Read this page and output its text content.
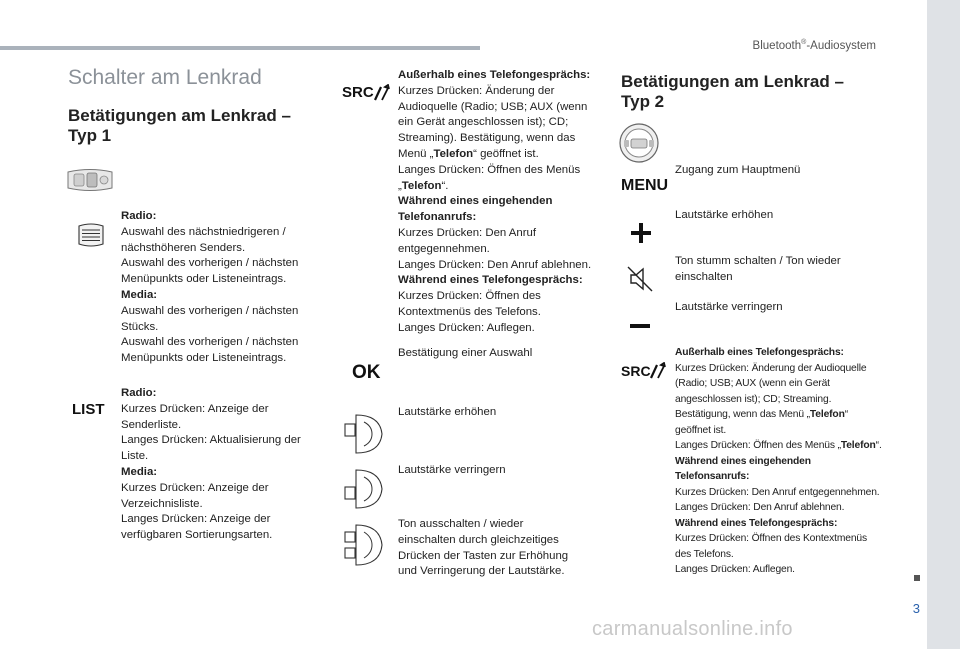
Bluetooth®-Audiosystem
3
carmanualsonline.info
Schalter am Lenkrad
Betätigungen am Lenkrad –
Typ 1
Radio:
Auswahl des nächstniedrigeren /
nächsthöheren Senders.
Auswahl des vorherigen / nächsten
Menüpunkts oder Listeneintrags.
Media:
Auswahl des vorherigen / nächsten
Stücks.
Auswahl des vorherigen / nächsten
Menüpunkts oder Listeneintrags.
LIST
Radio:
Kurzes Drücken: Anzeige der
Senderliste.
Langes Drücken: Aktualisierung der
Liste.
Media:
Kurzes Drücken: Anzeige der
Verzeichnisliste.
Langes Drücken: Anzeige der
verfügbaren Sortierungsarten.
SRC
Außerhalb eines Telefongesprächs:
Kurzes Drücken: Änderung der
Audioquelle (Radio; USB; AUX (wenn
ein Gerät angeschlossen ist); CD;
Streaming). Bestätigung, wenn das
Menü „Telefon“ geöffnet ist.
Langes Drücken: Öffnen des Menüs
„Telefon“.
Während eines eingehenden
Telefonanrufs:
Kurzes Drücken: Den Anruf
entgegennehmen.
Langes Drücken: Den Anruf ablehnen.
Während eines Telefongesprächs:
Kurzes Drücken: Öffnen des
Kontextmenüs des Telefons.
Langes Drücken: Auflegen.
OK
Bestätigung einer Auswahl
Lautstärke erhöhen
Lautstärke verringern
Ton ausschalten / wieder
einschalten durch gleichzeitiges
Drücken der Tasten zur Erhöhung
und Verringerung der Lautstärke.
Betätigungen am Lenkrad –
Typ 2
MENU
Zugang zum Hauptmenü
Lautstärke erhöhen
Ton stumm schalten / Ton wieder
einschalten
Lautstärke verringern
SRC
Außerhalb eines Telefongesprächs:
Kurzes Drücken: Änderung der Audioquelle
(Radio; USB; AUX (wenn ein Gerät
angeschlossen ist); CD; Streaming.
Bestätigung, wenn das Menü „Telefon“
geöffnet ist.
Langes Drücken: Öffnen des Menüs „Telefon“.
Während eines eingehenden
Telefonsanrufs:
Kurzes Drücken: Den Anruf entgegennehmen.
Langes Drücken: Den Anruf ablehnen.
Während eines Telefongesprächs:
Kurzes Drücken: Öffnen des Kontextmenüs
des Telefons.
Langes Drücken: Auflegen.
